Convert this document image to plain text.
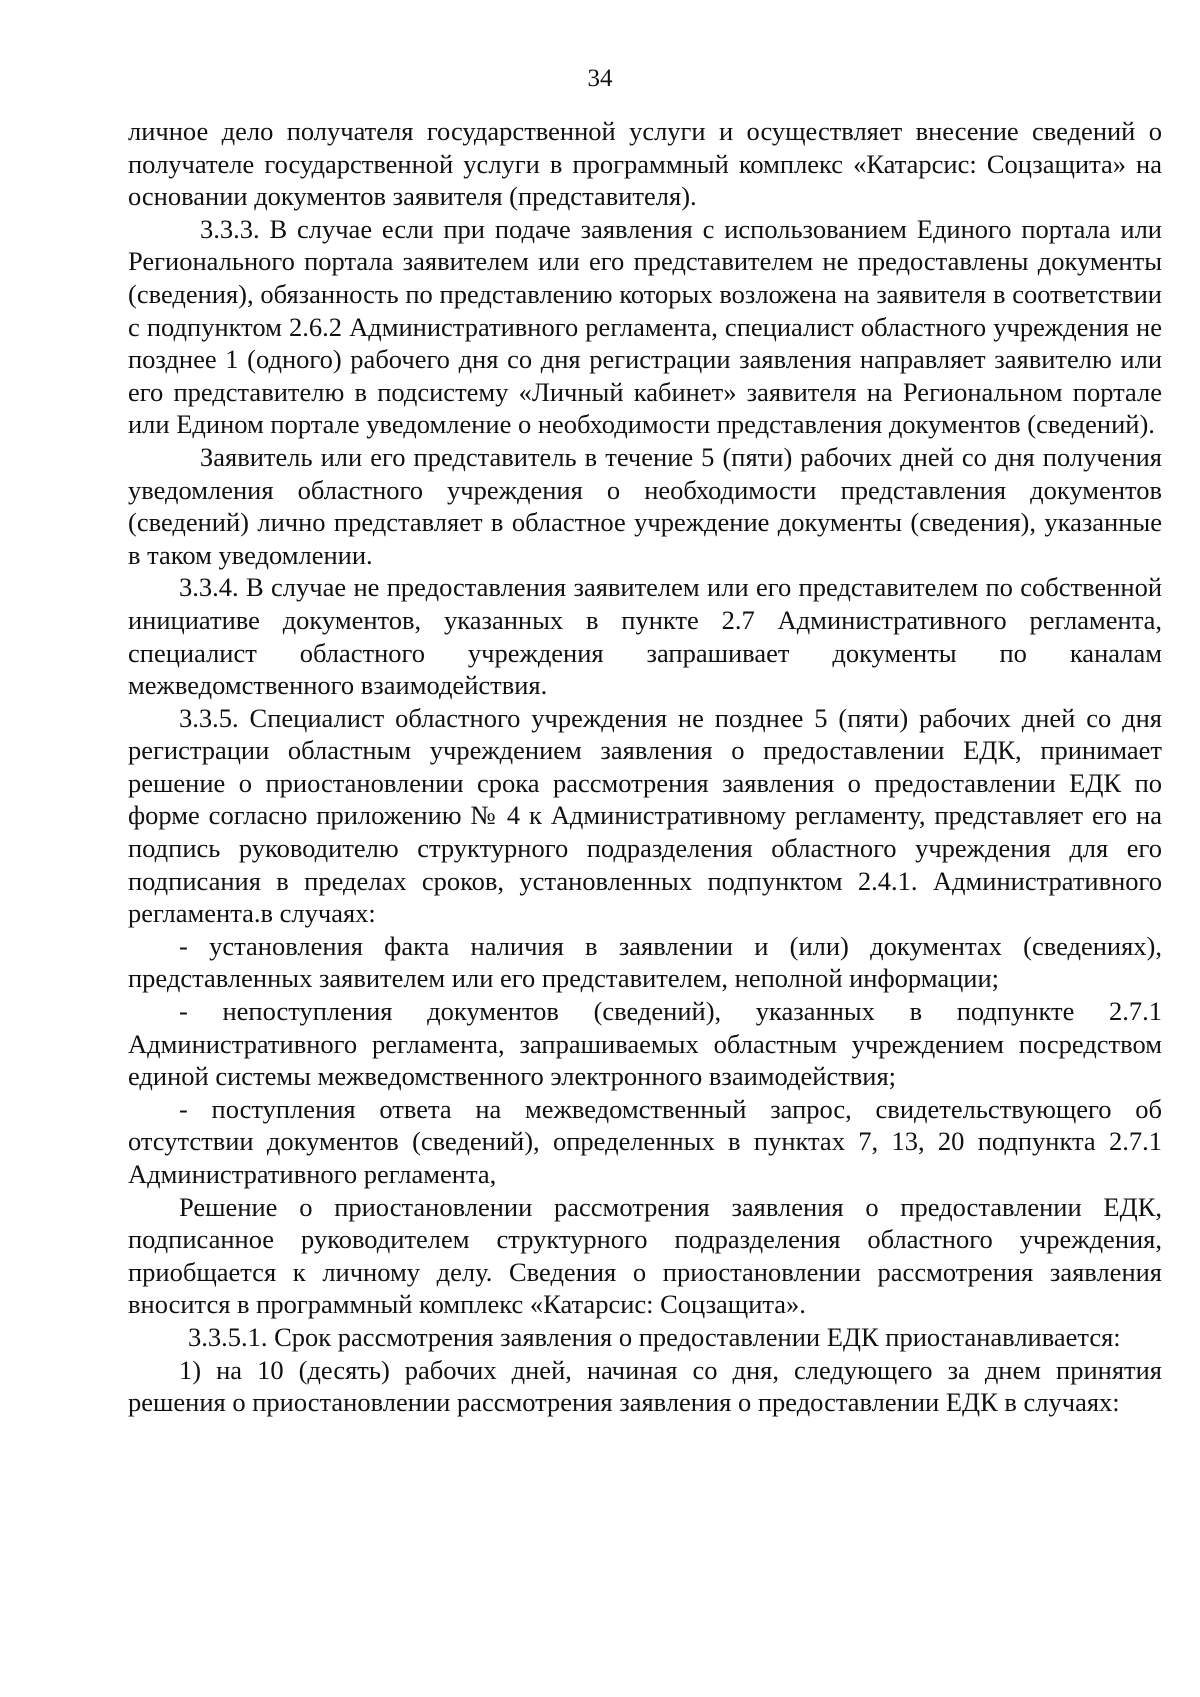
34

личное дело получателя государственной услуги и осуществляет внесение сведений о получателе государственной услуги в программный комплекс «Катарсис: Соцзащита» на основании документов заявителя (представителя).

3.3.3. В случае если при подаче заявления с использованием Единого портала или Регионального портала заявителем или его представителем не предоставлены документы (сведения), обязанность по представлению которых возложена на заявителя в соответствии с подпунктом 2.6.2 Административного регламента, специалист областного учреждения не позднее 1 (одного) рабочего дня со дня регистрации заявления направляет заявителю или его представителю в подсистему «Личный кабинет» заявителя на Региональном портале или Едином портале уведомление о необходимости представления документов (сведений).

Заявитель или его представитель в течение 5 (пяти) рабочих дней со дня получения уведомления областного учреждения о необходимости представления документов (сведений) лично представляет в областное учреждение документы (сведения), указанные в таком уведомлении.

3.3.4. В случае не предоставления заявителем или его представителем по собственной инициативе документов, указанных в пункте 2.7 Административного регламента, специалист областного учреждения запрашивает документы по каналам межведомственного взаимодействия.

3.3.5. Специалист областного учреждения не позднее 5 (пяти) рабочих дней со дня регистрации областным учреждением заявления о предоставлении ЕДК, принимает решение о приостановлении срока рассмотрения заявления о предоставлении ЕДК по форме согласно приложению № 4 к Административному регламенту, представляет его на подпись руководителю структурного подразделения областного учреждения для его подписания в пределах сроков, установленных подпунктом 2.4.1. Административного регламента.в случаях:

- установления факта наличия в заявлении и (или) документах (сведениях), представленных заявителем или его представителем, неполной информации;

- непоступления документов (сведений), указанных в подпункте 2.7.1 Административного регламента, запрашиваемых областным учреждением посредством единой системы межведомственного электронного взаимодействия;

- поступления ответа на межведомственный запрос, свидетельствующего об отсутствии документов (сведений), определенных в пунктах 7, 13, 20 подпункта 2.7.1 Административного регламента,

Решение о приостановлении рассмотрения заявления о предоставлении ЕДК, подписанное руководителем структурного подразделения областного учреждения, приобщается к личному делу. Сведения о приостановлении рассмотрения заявления вносится в программный комплекс «Катарсис: Соцзащита».

3.3.5.1. Срок рассмотрения заявления о предоставлении ЕДК приостанавливается:

1) на 10 (десять) рабочих дней, начиная со дня, следующего за днем принятия решения о приостановлении рассмотрения заявления о предоставлении ЕДК в случаях:
